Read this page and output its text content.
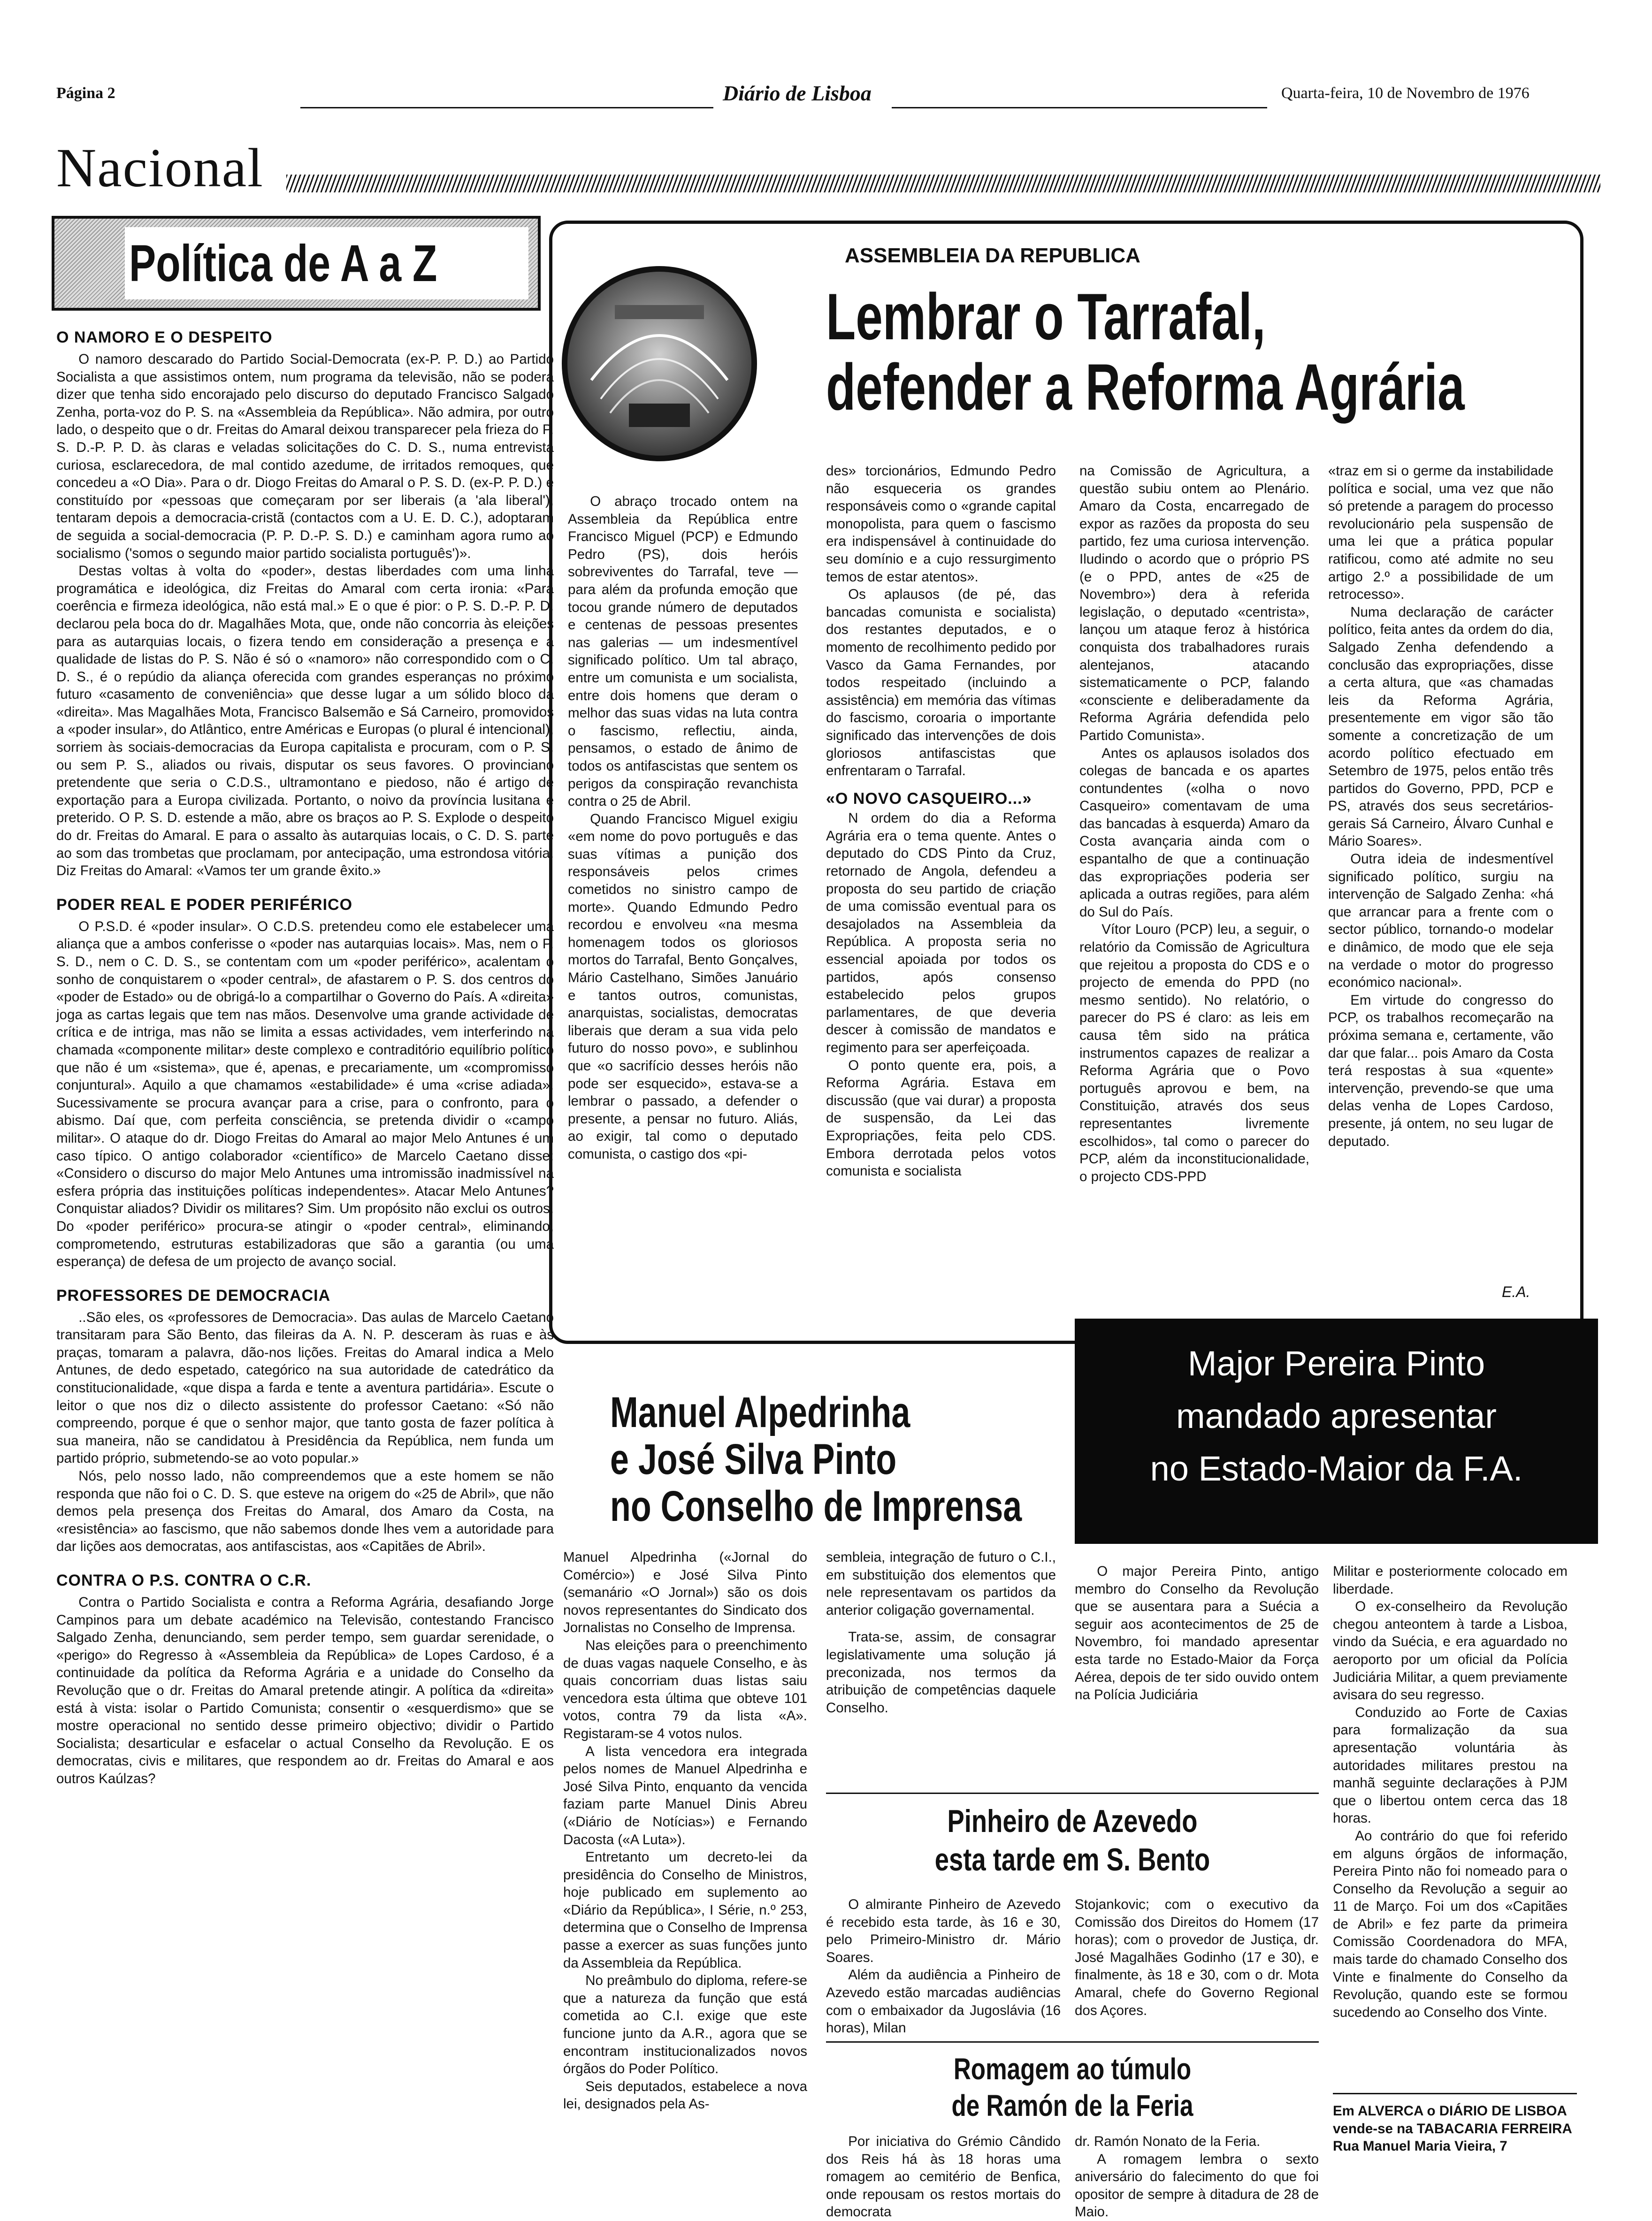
Página 2	Diário de Lisboa	Quarta-feira, 10 de Novembro de 1976
Nacional
Política de A a Z
O NAMORO E O DESPEITO

O namoro descarado do Partido Social-Democrata (ex-P. P. D.) ao Partido Socialista a que assistimos ontem, num programa da televisão, não se poderá dizer que tenha sido encorajado pelo discurso do deputado Francisco Salgado Zenha, porta-voz do P. S. na «Assembleia da República». Não admira, por outro lado, o despeito que o dr. Freitas do Amaral deixou transparecer pela frieza do P. S. D.-P. P. D. às claras e veladas solicitações do C. D. S., numa entrevista curiosa, esclarecedora, de mal contido azedume, de irritados remoques, que concedeu a «O Dia». Para o dr. Diogo Freitas do Amaral o P. S. D. (ex-P. P. D.) é constituído por «pessoas que começaram por ser liberais (a 'ala liberal'), tentaram depois a democracia-cristã (contactos com a U. E. D. C.), adoptaram de seguida a social-democracia (P. P. D.-P. S. D.) e caminham agora rumo ao socialismo ('somos o segundo maior partido socialista português')».

Destas voltas à volta do «poder», destas liberdades com uma linha programática e ideológica, diz Freitas do Amaral com certa ironia: «Para coerência e firmeza ideológica, não está mal.» E o que é pior: o P. S. D.-P. P. D. declarou pela boca do dr. Magalhães Mota, que, onde não concorria às eleições para as autarquias locais, o fizera tendo em consideração a presença e a qualidade de listas do P. S. Não é só o «namoro» não correspondido com o C. D. S., é o repúdio da aliança oferecida com grandes esperanças no próximo futuro «casamento de conveniência» que desse lugar a um sólido bloco da «direita». Mas Magalhães Mota, Francisco Balsemão e Sá Carneiro, promovidos a «poder insular», do Atlântico, entre Américas e Europas (o plural é intencional), sorriem às sociais-democracias da Europa capitalista e procuram, com o P. S. ou sem P. S., aliados ou rivais, disputar os seus favores. O provinciano pretendente que seria o C.D.S., ultramontano e piedoso, não é artigo de exportação para a Europa civilizada. Portanto, o noivo da província lusitana é preterido. O P. S. D. estende a mão, abre os braços ao P. S. Explode o despeito do dr. Freitas do Amaral. E para o assalto às autarquias locais, o C. D. S. parte ao som das trombetas que proclamam, por antecipação, uma estrondosa vitória. Diz Freitas do Amaral: «Vamos ter um grande êxito.»

PODER REAL E PODER PERIFÉRICO

O P.S.D. é «poder insular». O C.D.S. pretendeu como ele estabelecer uma aliança que a ambos conferisse o «poder nas autarquias locais». Mas, nem o P. S. D., nem o C. D. S., se contentam com um «poder periférico», acalentam o sonho de conquistarem o «poder central», de afastarem o P. S. dos centros do «poder de Estado» ou de obrigá-lo a compartilhar o Governo do País. A «direita» joga as cartas legais que tem nas mãos. Desenvolve uma grande actividade de crítica e de intriga, mas não se limita a essas actividades, vem interferindo na chamada «componente militar» deste complexo e contraditório equilíbrio político que não é um «sistema», que é, apenas, e precariamente, um «compromisso conjuntural». Aquilo a que chamamos «estabilidade» é uma «crise adiada». Sucessivamente se procura avançar para a crise, para o confronto, para o abismo. Daí que, com perfeita consciência, se pretenda dividir o «campo militar». O ataque do dr. Diogo Freitas do Amaral ao major Melo Antunes é um caso típico. O antigo colaborador «científico» de Marcelo Caetano disse: «Considero o discurso do major Melo Antunes uma intromissão inadmissível na esfera própria das instituições políticas independentes». Atacar Melo Antunes? Conquistar aliados? Dividir os militares? Sim. Um propósito não exclui os outros. Do «poder periférico» procura-se atingir o «poder central», eliminando, comprometendo, estruturas estabilizadoras que são a garantia (ou uma esperança) de defesa de um projecto de avanço social.

PROFESSORES DE DEMOCRACIA

..São eles, os «professores de Democracia». Das aulas de Marcelo Caetano transitaram para São Bento, das fileiras da A. N. P. desceram às ruas e às praças, tomaram a palavra, dão-nos lições. Freitas do Amaral indica a Melo Antunes, de dedo espetado, categórico na sua autoridade de catedrático da constitucionalidade, «que dispa a farda e tente a aventura partidária». Escute o leitor o que nos diz o dilecto assistente do professor Caetano: «Só não compreendo, porque é que o senhor major, que tanto gosta de fazer política à sua maneira, não se candidatou à Presidência da República, nem funda um partido próprio, submetendo-se ao voto popular.»

Nós, pelo nosso lado, não compreendemos que a este homem se não responda que não foi o C. D. S. que esteve na origem do «25 de Abril», que não demos pela presença dos Freitas do Amaral, dos Amaro da Costa, na «resistência» ao fascismo, que não sabemos donde lhes vem a autoridade para dar lições aos democratas, aos antifascistas, aos «Capitães de Abril».

CONTRA O P.S. CONTRA O C.R.

Contra o Partido Socialista e contra a Reforma Agrária, desafiando Jorge Campinos para um debate académico na Televisão, contestando Francisco Salgado Zenha, denunciando, sem perder tempo, sem guardar serenidade, o «perigo» do Regresso à «Assembleia da República» de Lopes Cardoso, é a continuidade da política da Reforma Agrária e a unidade do Conselho da Revolução que o dr. Freitas do Amaral pretende atingir. A política da «direita» está à vista: isolar o Partido Comunista; consentir o «esquerdismo» que se mostre operacional no sentido desse primeiro objectivo; dividir o Partido Socialista; desarticular e esfacelar o actual Conselho da Revolução. E os democratas, civis e militares, que respondem ao dr. Freitas do Amaral e aos outros Kaúlzas?

ASSEMBLEIA DA REPUBLICA
Lembrar o Tarrafal,
defender a Reforma Agrária

O abraço trocado ontem na Assembleia da República entre Francisco Miguel (PCP) e Edmundo Pedro (PS), dois heróis sobreviventes do Tarrafal, teve — para além da profunda emoção que tocou grande número de deputados e centenas de pessoas presentes nas galerias — um indesmentível significado político. Um tal abraço, entre um comunista e um socialista, entre dois homens que deram o melhor das suas vidas na luta contra o fascismo, reflectiu, ainda, pensamos, o estado de ânimo de todos os antifascistas que sentem os perigos da conspiração revanchista contra o 25 de Abril.

Quando Francisco Miguel exigiu «em nome do povo português e das suas vítimas a punição dos responsáveis pelos crimes cometidos no sinistro campo de morte». Quando Edmundo Pedro recordou e envolveu «na mesma homenagem todos os gloriosos mortos do Tarrafal, Bento Gonçalves, Mário Castelhano, Simões Januário e tantos outros, comunistas, anarquistas, socialistas, democratas liberais que deram a sua vida pelo futuro do nosso povo», e sublinhou que «o sacrifício desses heróis não pode ser esquecido», estava-se a lembrar o passado, a defender o presente, a pensar no futuro. Aliás, ao exigir, tal como o deputado comunista, o castigo dos «pi-

des» torcionários, Edmundo Pedro não esqueceria os grandes responsáveis como o «grande capital monopolista, para quem o fascismo era indispensável à continuidade do seu domínio e a cujo ressurgimento temos de estar atentos».

Os aplausos (de pé, das bancadas comunista e socialista) dos restantes deputados, e o momento de recolhimento pedido por Vasco da Gama Fernandes, por todos respeitado (incluindo a assistência) em memória das vítimas do fascismo, coroaria o importante significado das intervenções de dois gloriosos antifascistas que enfrentaram o Tarrafal.

«O NOVO CASQUEIRO...»

N ordem do dia a Reforma Agrária era o tema quente. Antes o deputado do CDS Pinto da Cruz, retornado de Angola, defendeu a proposta do seu partido de criação de uma comissão eventual para os desajolados na Assembleia da República. A proposta seria no essencial apoiada por todos os partidos, após consenso estabelecido pelos grupos parlamentares, de que deveria descer à comissão de mandatos e regimento para ser aperfeiçoada.

O ponto quente era, pois, a Reforma Agrária. Estava em discussão (que vai durar) a proposta de suspensão, da Lei das Expropriações, feita pelo CDS. Embora derrotada pelos votos comunista e socialista

na Comissão de Agricultura, a questão subiu ontem ao Plenário. Amaro da Costa, encarregado de expor as razões da proposta do seu partido, fez uma curiosa intervenção. Iludindo o acordo que o próprio PS (e o PPD, antes de «25 de Novembro») dera à referida legislação, o deputado «centrista», lançou um ataque feroz à histórica conquista dos trabalhadores rurais alentejanos, atacando sistematicamente o PCP, falando «consciente e deliberadamente da Reforma Agrária defendida pelo Partido Comunista».

Antes os aplausos isolados dos colegas de bancada e os apartes contundentes («olha o novo Casqueiro» comentavam de uma das bancadas à esquerda) Amaro da Costa avançaria ainda com o espantalho de que a continuação das expropriações poderia ser aplicada a outras regiões, para além do Sul do País.

Vítor Louro (PCP) leu, a seguir, o relatório da Comissão de Agricultura que rejeitou a proposta do CDS e o projecto de emenda do PPD (no mesmo sentido). No relatório, o parecer do PS é claro: as leis em causa têm sido na prática instrumentos capazes de realizar a Reforma Agrária que o Povo português aprovou e bem, na Constituição, através dos seus representantes livremente escolhidos», tal como o parecer do PCP, além da inconstitucionalidade, o projecto CDS-PPD

«traz em si o germe da instabilidade política e social, uma vez que não só pretende a paragem do processo revolucionário pela suspensão de uma lei que a prática popular ratificou, como até admite no seu artigo 2.º a possibilidade de um retrocesso».

Numa declaração de carácter político, feita antes da ordem do dia, Salgado Zenha defendendo a conclusão das expropriações, disse a certa altura, que «as chamadas leis da Reforma Agrária, presentemente em vigor são tão somente a concretização de um acordo político efectuado em Setembro de 1975, pelos então três partidos do Governo, PPD, PCP e PS, através dos seus secretários-gerais Sá Carneiro, Álvaro Cunhal e Mário Soares».

Outra ideia de indesmentível significado político, surgiu na intervenção de Salgado Zenha: «há que arrancar para a frente com o sector público, tornando-o modelar e dinâmico, de modo que ele seja na verdade o motor do progresso económico nacional».

Em virtude do congresso do PCP, os trabalhos recomeçarão na próxima semana e, certamente, vão dar que falar... pois Amaro da Costa terá respostas à sua «quente» intervenção, prevendo-se que uma delas venha de Lopes Cardoso, presente, já ontem, no seu lugar de deputado.

E.A.
Manuel Alpedrinha
e José Silva Pinto
no Conselho de Imprensa

Manuel Alpedrinha («Jornal do Comércio») e José Silva Pinto (semanário «O Jornal») são os dois novos representantes do Sindicato dos Jornalistas no Conselho de Imprensa.

Nas eleições para o preenchimento de duas vagas naquele Conselho, e às quais concorriam duas listas saiu vencedora esta última que obteve 101 votos, contra 79 da lista «A». Registaram-se 4 votos nulos.

A lista vencedora era integrada pelos nomes de Manuel Alpedrinha e José Silva Pinto, enquanto da vencida faziam parte Manuel Dinis Abreu («Diário de Notícias») e Fernando Dacosta («A Luta»).

Entretanto um decreto-lei da presidência do Conselho de Ministros, hoje publicado em suplemento ao «Diário da República», I Série, n.º 253, determina que o Conselho de Imprensa passe a exercer as suas funções junto da Assembleia da República.

No preâmbulo do diploma, refere-se que a natureza da função que está cometida ao C.I. exige que este funcione junto da A.R., agora que se encontram institucionalizados novos órgãos do Poder Político.

Seis deputados, estabelece a nova lei, designados pela As-

sembleia, integração de futuro o C.I., em substituição dos elementos que nele representavam os partidos da anterior coligação governamental.

Trata-se, assim, de consagrar legislativamente uma solução já preconizada, nos termos da atribuição de competências daquele Conselho.

Major Pereira Pinto

mandado apresentar

no Estado-Maior da F.A.

O major Pereira Pinto, antigo membro do Conselho da Revolução que se ausentara para a Suécia a seguir aos acontecimentos de 25 de Novembro, foi mandado apresentar esta tarde no Estado-Maior da Força Aérea, depois de ter sido ouvido ontem na Polícia Judiciária

Militar e posteriormente colocado em liberdade.

O ex-conselheiro da Revolução chegou anteontem à tarde a Lisboa, vindo da Suécia, e era aguardado no aeroporto por um oficial da Polícia Judiciária Militar, a quem previamente avisara do seu regresso.

Conduzido ao Forte de Caxias para formalização da sua apresentação voluntária às autoridades militares prestou na manhã seguinte declarações à PJM que o libertou ontem cerca das 18 horas.

Ao contrário do que foi referido em alguns órgãos de informação, Pereira Pinto não foi nomeado para o Conselho da Revolução a seguir ao 11 de Março. Foi um dos «Capitães de Abril» e fez parte da primeira Comissão Coordenadora do MFA, mais tarde do chamado Conselho dos Vinte e finalmente do Conselho da Revolução, quando este se formou sucedendo ao Conselho dos Vinte.

Pinheiro de Azevedo
esta tarde em S. Bento

O almirante Pinheiro de Azevedo é recebido esta tarde, às 16 e 30, pelo Primeiro-Ministro dr. Mário Soares.

Além da audiência a Pinheiro de Azevedo estão marcadas audiências com o embaixador da Jugoslávia (16 horas), Milan

Stojankovic; com o executivo da Comissão dos Direitos do Homem (17 horas); com o provedor de Justiça, dr. José Magalhães Godinho (17 e 30), e finalmente, às 18 e 30, com o dr. Mota Amaral, chefe do Governo Regional dos Açores.

Romagem ao túmulo
de Ramón de la Feria

Por iniciativa do Grémio Cândido dos Reis há às 18 horas uma romagem ao cemitério de Benfica, onde repousam os restos mortais do democrata

dr. Ramón Nonato de la Feria.

A romagem lembra o sexto aniversário do falecimento do que foi opositor de sempre à ditadura de 28 de Maio.

Em ALVERCA o DIÁRIO DE LISBOA vende-se na TABACARIA FERREIRA Rua Manuel Maria Vieira, 7
